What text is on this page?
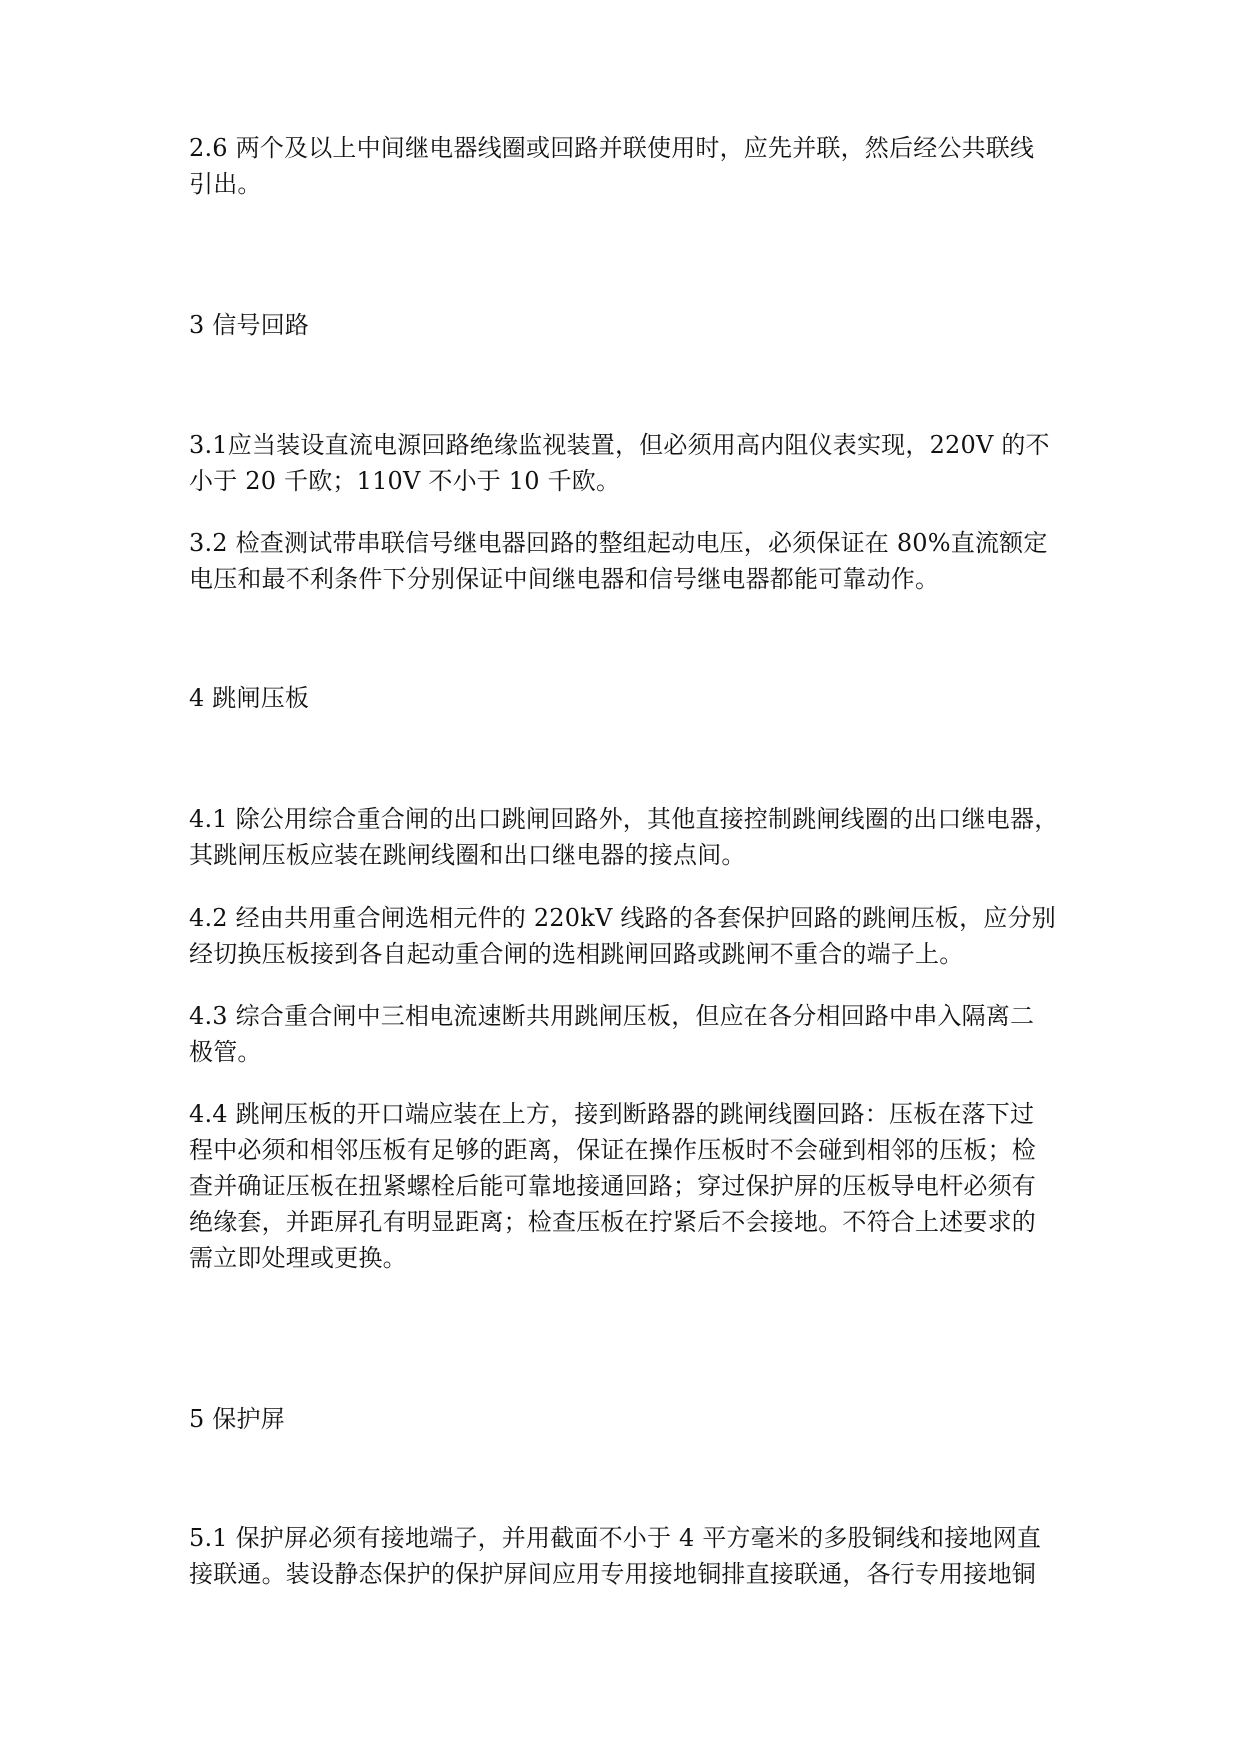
2.6 两个及以上中间继电器线圈或回路并联使用时，应先并联，然后经公共联线
引出。

3 信号回路

3.1应当装设直流电源回路绝缘监视装置，但必须用高内阻仪表实现，220V 的不
小于 20 千欧；110V 不小于 10 千欧。

3.2 检查测试带串联信号继电器回路的整组起动电压，必须保证在 80%直流额定
电压和最不利条件下分别保证中间继电器和信号继电器都能可靠动作。

4 跳闸压板

4.1 除公用综合重合闸的出口跳闸回路外，其他直接控制跳闸线圈的出口继电器，
其跳闸压板应装在跳闸线圈和出口继电器的接点间。

4.2 经由共用重合闸选相元件的 220kV 线路的各套保护回路的跳闸压板，应分别
经切换压板接到各自起动重合闸的选相跳闸回路或跳闸不重合的端子上。

4.3 综合重合闸中三相电流速断共用跳闸压板，但应在各分相回路中串入隔离二
极管。

4.4 跳闸压板的开口端应装在上方，接到断路器的跳闸线圈回路：压板在落下过
程中必须和相邻压板有足够的距离，保证在操作压板时不会碰到相邻的压板；检
查并确证压板在扭紧螺栓后能可靠地接通回路；穿过保护屏的压板导电杆必须有
绝缘套，并距屏孔有明显距离；检查压板在拧紧后不会接地。不符合上述要求的
需立即处理或更换。

5 保护屏

5.1 保护屏必须有接地端子，并用截面不小于 4 平方毫米的多股铜线和接地网直
接联通。装设静态保护的保护屏间应用专用接地铜排直接联通，各行专用接地铜
